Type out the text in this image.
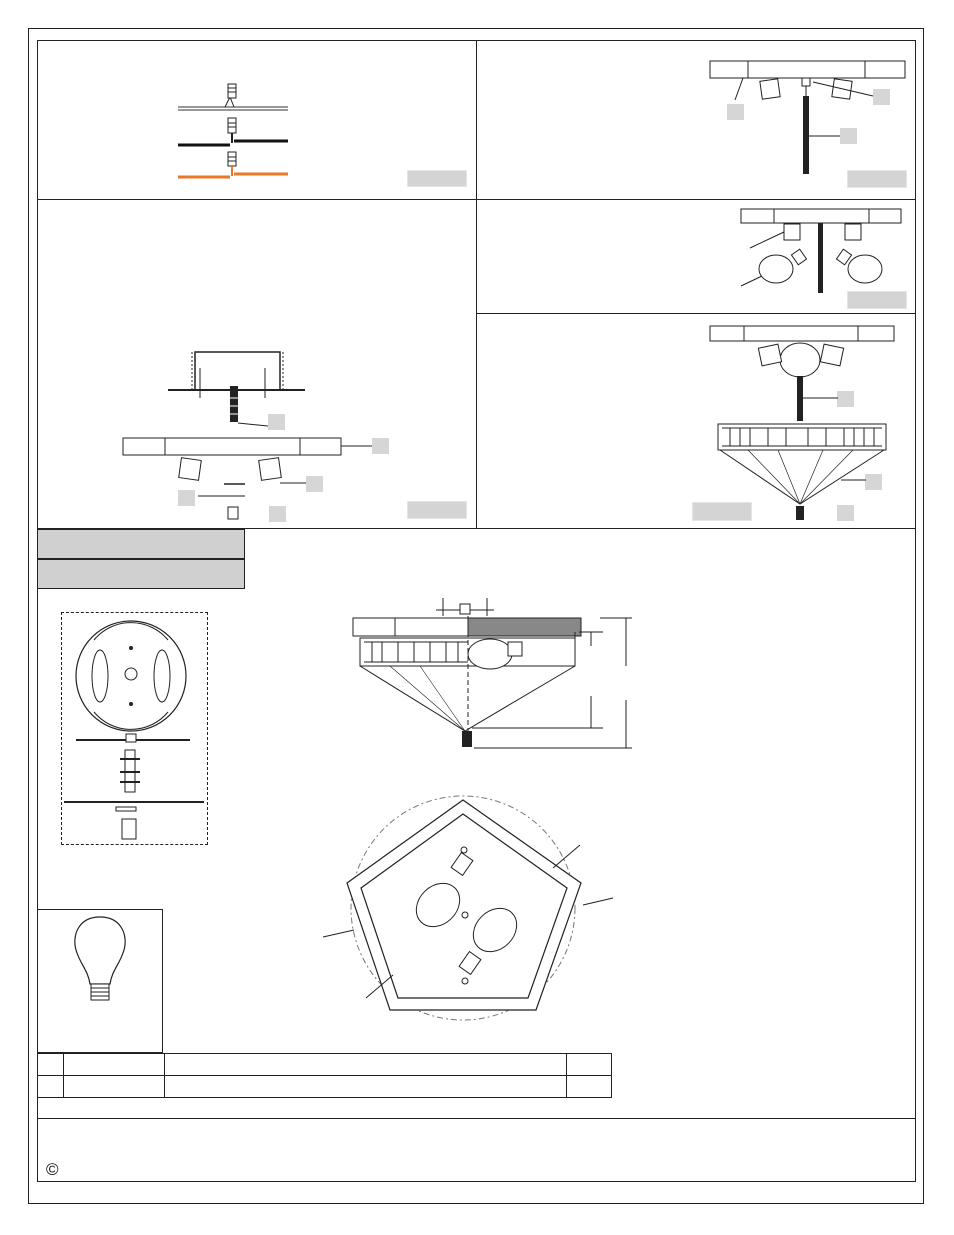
©
